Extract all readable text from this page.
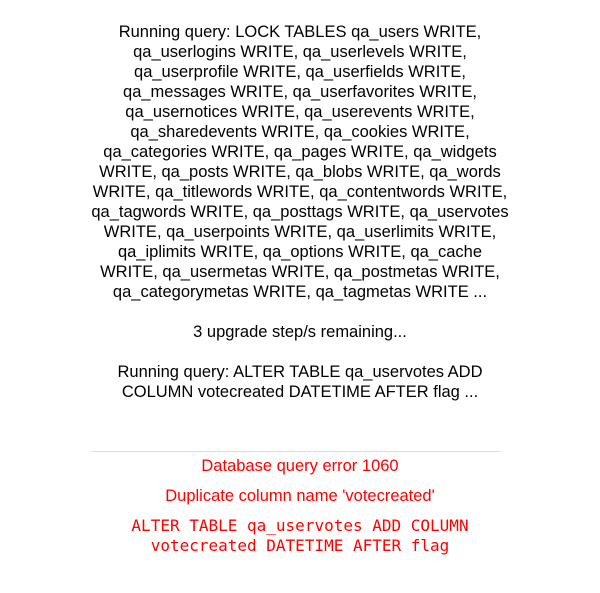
Running query: LOCK TABLES qa_users WRITE, qa_userlogins WRITE, qa_userlevels WRITE, qa_userprofile WRITE, qa_userfields WRITE, qa_messages WRITE, qa_userfavorites WRITE, qa_usernotices WRITE, qa_userevents WRITE, qa_sharedevents WRITE, qa_cookies WRITE, qa_categories WRITE, qa_pages WRITE, qa_widgets WRITE, qa_posts WRITE, qa_blobs WRITE, qa_words WRITE, qa_titlewords WRITE, qa_contentwords WRITE, qa_tagwords WRITE, qa_posttags WRITE, qa_uservotes WRITE, qa_userpoints WRITE, qa_userlimits WRITE, qa_iplimits WRITE, qa_options WRITE, qa_cache WRITE, qa_usermetas WRITE, qa_postmetas WRITE, qa_categorymetas WRITE, qa_tagmetas WRITE ...

3 upgrade step/s remaining...

Running query: ALTER TABLE qa_uservotes ADD COLUMN votecreated DATETIME AFTER flag ...

Database query error 1060
Duplicate column name 'votecreated'
ALTER TABLE qa_uservotes ADD COLUMN
votecreated DATETIME AFTER flag
